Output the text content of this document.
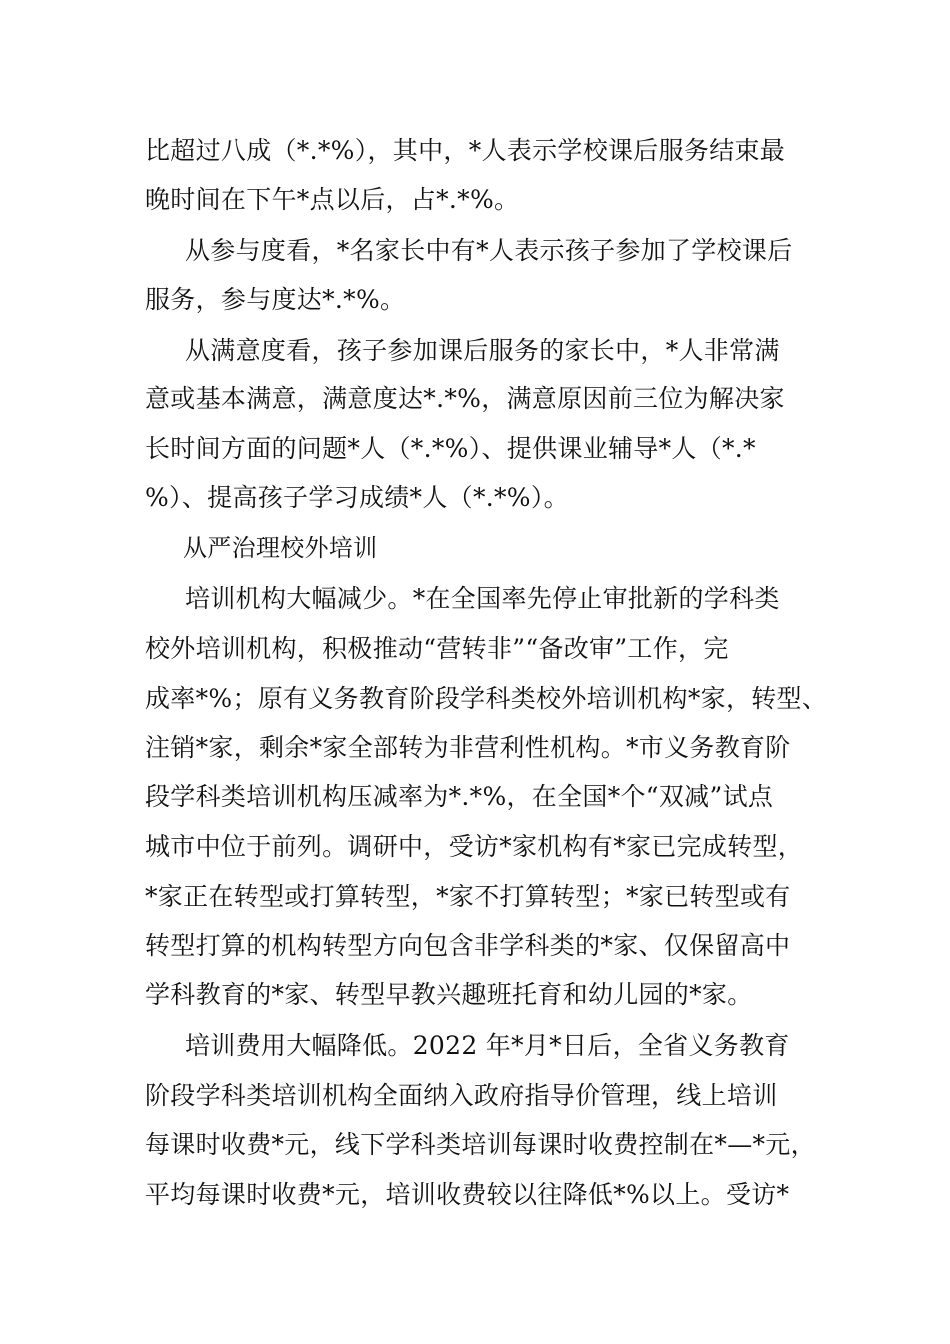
比超过八成（*.*%），其中，*人表示学校课后服务结束最
晚时间在下午*点以后，占*.*%。
从参与度看，*名家长中有*人表示孩子参加了学校课后
服务，参与度达*.*%。
从满意度看，孩子参加课后服务的家长中，*人非常满
意或基本满意，满意度达*.*%，满意原因前三位为解决家
长时间方面的问题*人（*.*%）、提供课业辅导*人（*.*
%）、提高孩子学习成绩*人（*.*%）。
从严治理校外培训
培训机构大幅减少。*在全国率先停止审批新的学科类
校外培训机构，积极推动“营转非”“备改审”工作，完
成率*%；原有义务教育阶段学科类校外培训机构*家，转型、
注销*家，剩余*家全部转为非营利性机构。*市义务教育阶
段学科类培训机构压减率为*.*%，在全国*个“双减”试点
城市中位于前列。调研中，受访*家机构有*家已完成转型，
*家正在转型或打算转型，*家不打算转型；*家已转型或有
转型打算的机构转型方向包含非学科类的*家、仅保留高中
学科教育的*家、转型早教兴趣班托育和幼儿园的*家。
培训费用大幅降低。2022 年*月*日后，全省义务教育
阶段学科类培训机构全面纳入政府指导价管理，线上培训
每课时收费*元，线下学科类培训每课时收费控制在*—*元，
平均每课时收费*元，培训收费较以往降低*%以上。受访*
